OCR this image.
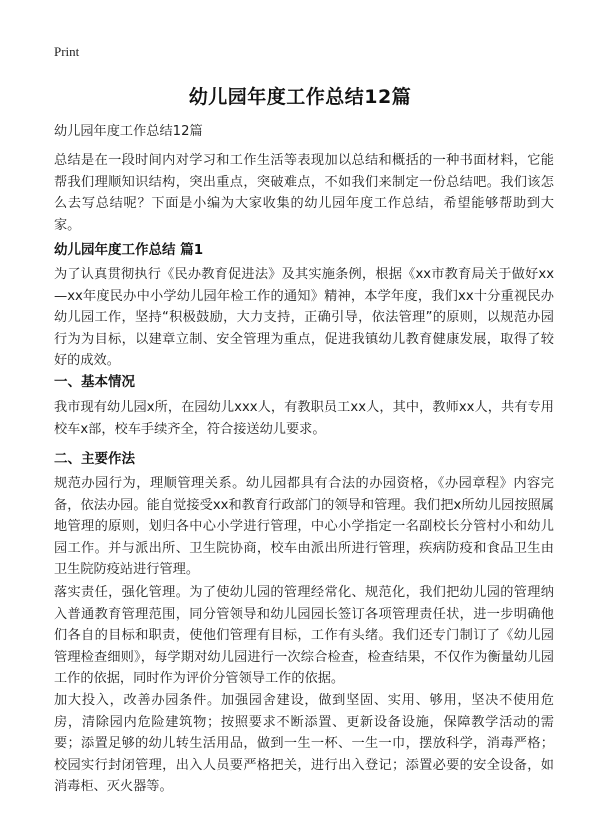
Print
幼儿园年度工作总结12篇
幼儿园年度工作总结12篇
总结是在一段时间内对学习和工作生活等表现加以总结和概括的一种书面材料，它能帮我们理顺知识结构，突出重点，突破难点，不如我们来制定一份总结吧。我们该怎么去写总结呢？下面是小编为大家收集的幼儿园年度工作总结，希望能够帮助到大家。
幼儿园年度工作总结 篇1
为了认真贯彻执行《民办教育促进法》及其实施条例，根据《xx市教育局关于做好xx—xx年度民办中小学幼儿园年检工作的通知》精神，本学年度，我们xx十分重视民办幼儿园工作，坚持“积极鼓励，大力支持，正确引导，依法管理”的原则，以规范办园行为为目标，以建章立制、安全管理为重点，促进我镇幼儿教育健康发展，取得了较好的成效。
一、基本情况
我市现有幼儿园x所，在园幼儿xxx人，有教职员工xx人，其中，教师xx人，共有专用校车x部，校车手续齐全，符合接送幼儿要求。
二、主要作法
规范办园行为，理顺管理关系。幼儿园都具有合法的办园资格，《办园章程》内容完备，依法办园。能自觉接受xx和教育行政部门的领导和管理。我们把x所幼儿园按照属地管理的原则，划归各中心小学进行管理，中心小学指定一名副校长分管村小和幼儿园工作。并与派出所、卫生院协商，校车由派出所进行管理，疾病防疫和食品卫生由卫生院防疫站进行管理。
落实责任，强化管理。为了使幼儿园的管理经常化、规范化，我们把幼儿园的管理纳入普通教育管理范围，同分管领导和幼儿园园长签订各项管理责任状，进一步明确他们各自的目标和职责，使他们管理有目标，工作有头绪。我们还专门制订了《幼儿园管理检查细则》，每学期对幼儿园进行一次综合检查，检查结果，不仅作为衡量幼儿园工作的依据，同时作为评价分管领导工作的依据。
加大投入，改善办园条件。加强园舍建设，做到坚固、实用、够用，坚决不使用危房，清除园内危险建筑物；按照要求不断添置、更新设备设施，保障教学活动的需要；添置足够的幼儿转生活用品，做到一生一杯、一生一巾，摆放科学，消毒严格；校园实行封闭管理，出入人员要严格把关，进行出入登记；添置必要的安全设备，如消毒柜、灭火器等。
